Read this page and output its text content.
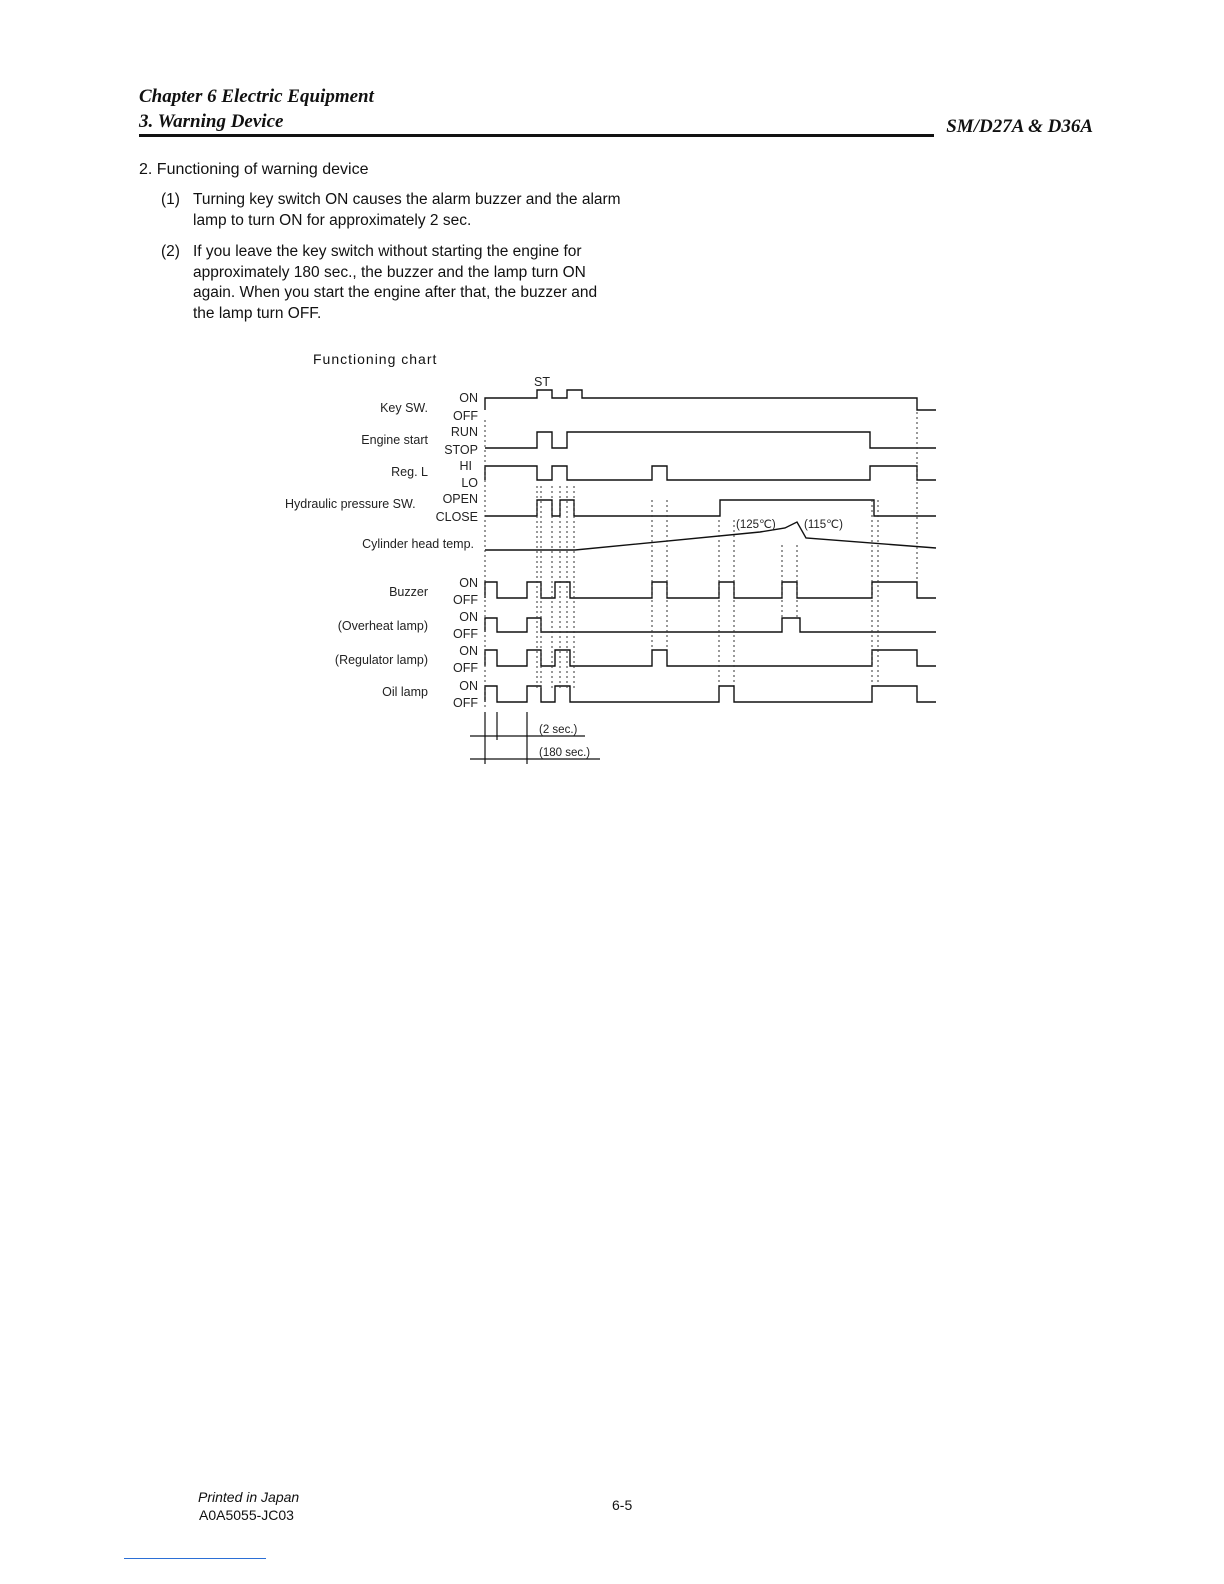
Chapter 6 Electric Equipment
3. Warning Device	SM/D27A & D36A
2. Functioning of warning device
(1) Turning key switch ON causes the alarm buzzer and the alarm lamp to turn ON for approximately 2 sec.
(2) If you leave the key switch without starting the engine for approximately 180 sec., the buzzer and the lamp turn ON again. When you start the engine after that, the buzzer and the lamp turn OFF.
Functioning chart
ST
Key SW.
Engine start
Reg. L
Hydraulic pressure SW.
Cylinder head temp.
Buzzer
(Overheat lamp)
(Regulator lamp)
Oil lamp
ON
OFF
RUN
STOP
HI
LO
OPEN
CLOSE
ON
OFF
ON
OFF
ON
OFF
ON
OFF
(125℃) (115℃)
(2 sec.)
(180 sec.)
Printed in Japan
A0A5055-JC03
6-5
